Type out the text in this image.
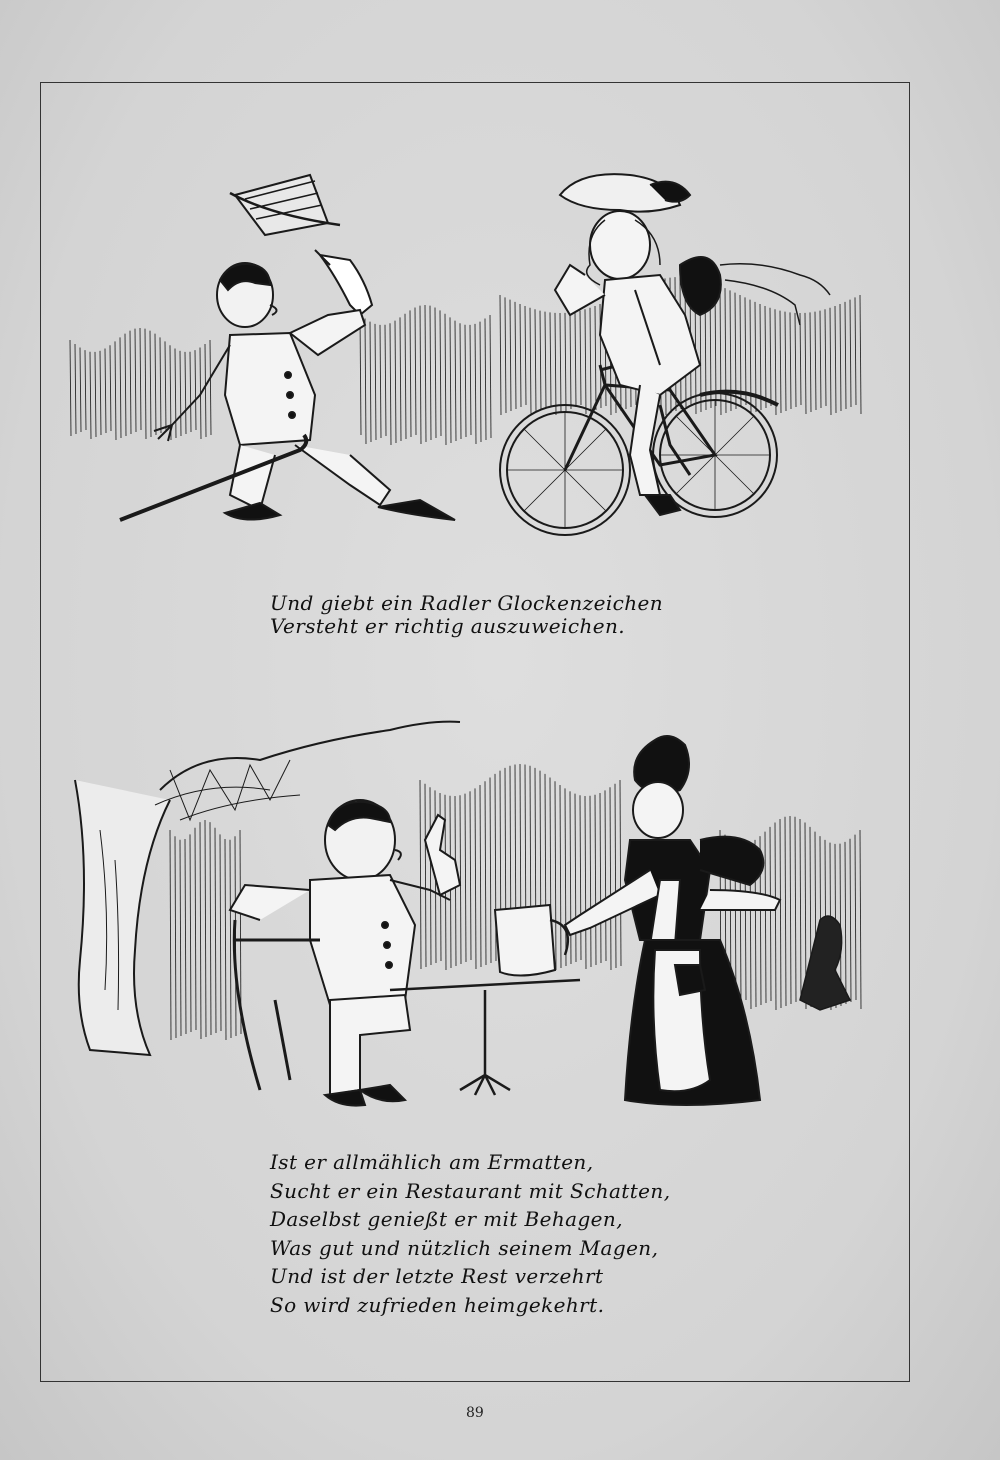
Und giebt ein Radler Glockenzeichen
Versteht er richtig auszuweichen.
Ist er allmählich am Ermatten,
Sucht er ein Restaurant mit Schatten,
Daselbst genießt er mit Behagen,
Was gut und nützlich seinem Magen,
Und ist der letzte Rest verzehrt
So wird zufrieden heimgekehrt.
89
